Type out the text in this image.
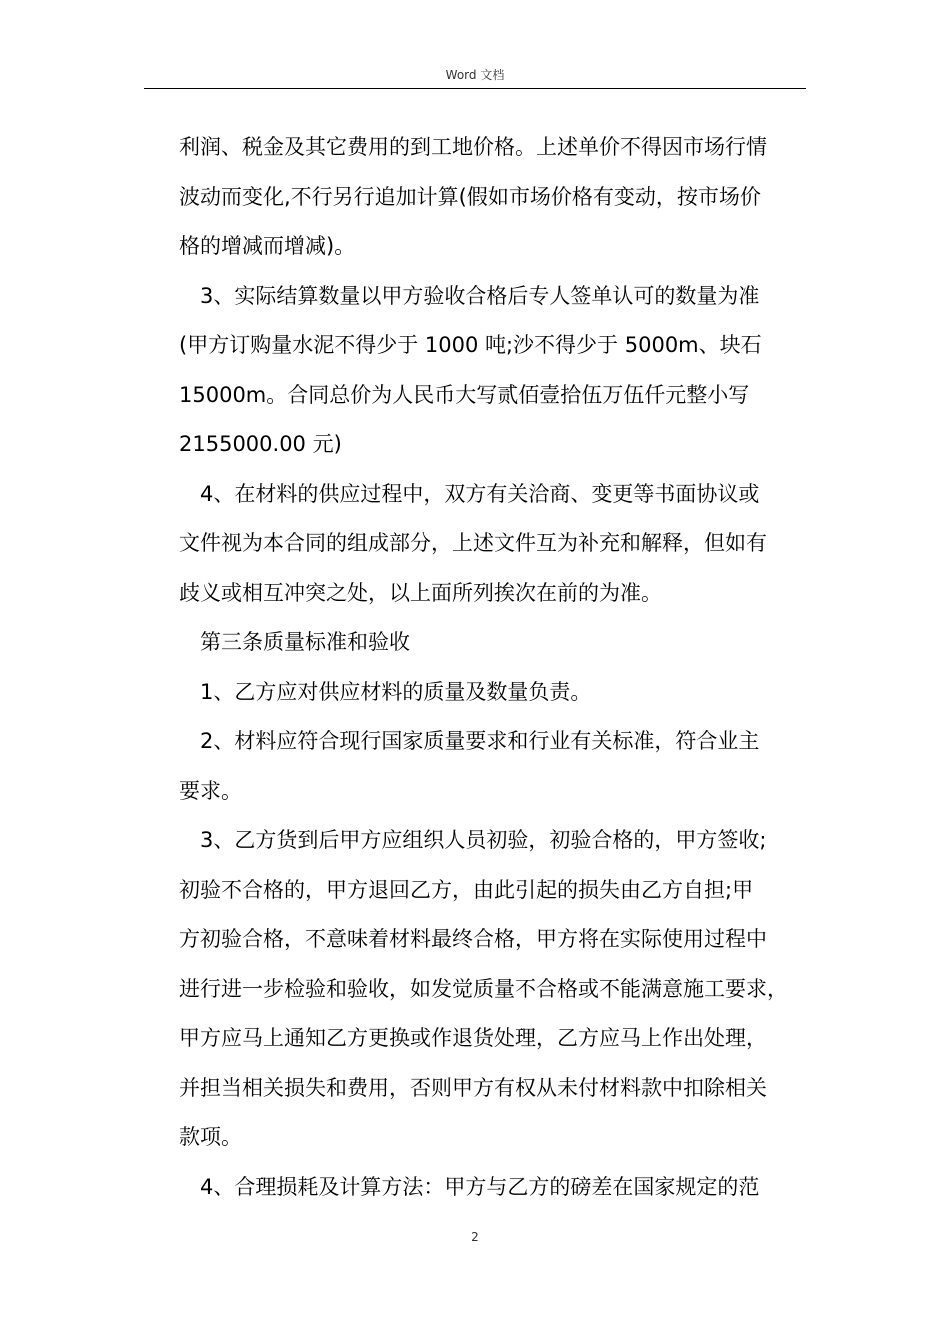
Word 文档
利润、税金及其它费用的到工地价格。上述单价不得因市场行情
波动而变化,不行另行追加计算(假如市场价格有变动，按市场价
格的增减而增减)。
3、实际结算数量以甲方验收合格后专人签单认可的数量为准
(甲方订购量水泥不得少于 1000 吨;沙不得少于 5000m、块石
15000m。合同总价为人民币大写贰佰壹拾伍万伍仟元整小写
2155000.00 元)
4、在材料的供应过程中，双方有关洽商、变更等书面协议或
文件视为本合同的组成部分，上述文件互为补充和解释，但如有
歧义或相互冲突之处，以上面所列挨次在前的为准。
第三条质量标准和验收
1、乙方应对供应材料的质量及数量负责。
2、材料应符合现行国家质量要求和行业有关标准，符合业主
要求。
3、乙方货到后甲方应组织人员初验，初验合格的，甲方签收;
初验不合格的，甲方退回乙方，由此引起的损失由乙方自担;甲
方初验合格，不意味着材料最终合格，甲方将在实际使用过程中
进行进一步检验和验收，如发觉质量不合格或不能满意施工要求，
甲方应马上通知乙方更换或作退货处理，乙方应马上作出处理，
并担当相关损失和费用，否则甲方有权从未付材料款中扣除相关
款项。
4、合理损耗及计算方法：甲方与乙方的磅差在国家规定的范
2
